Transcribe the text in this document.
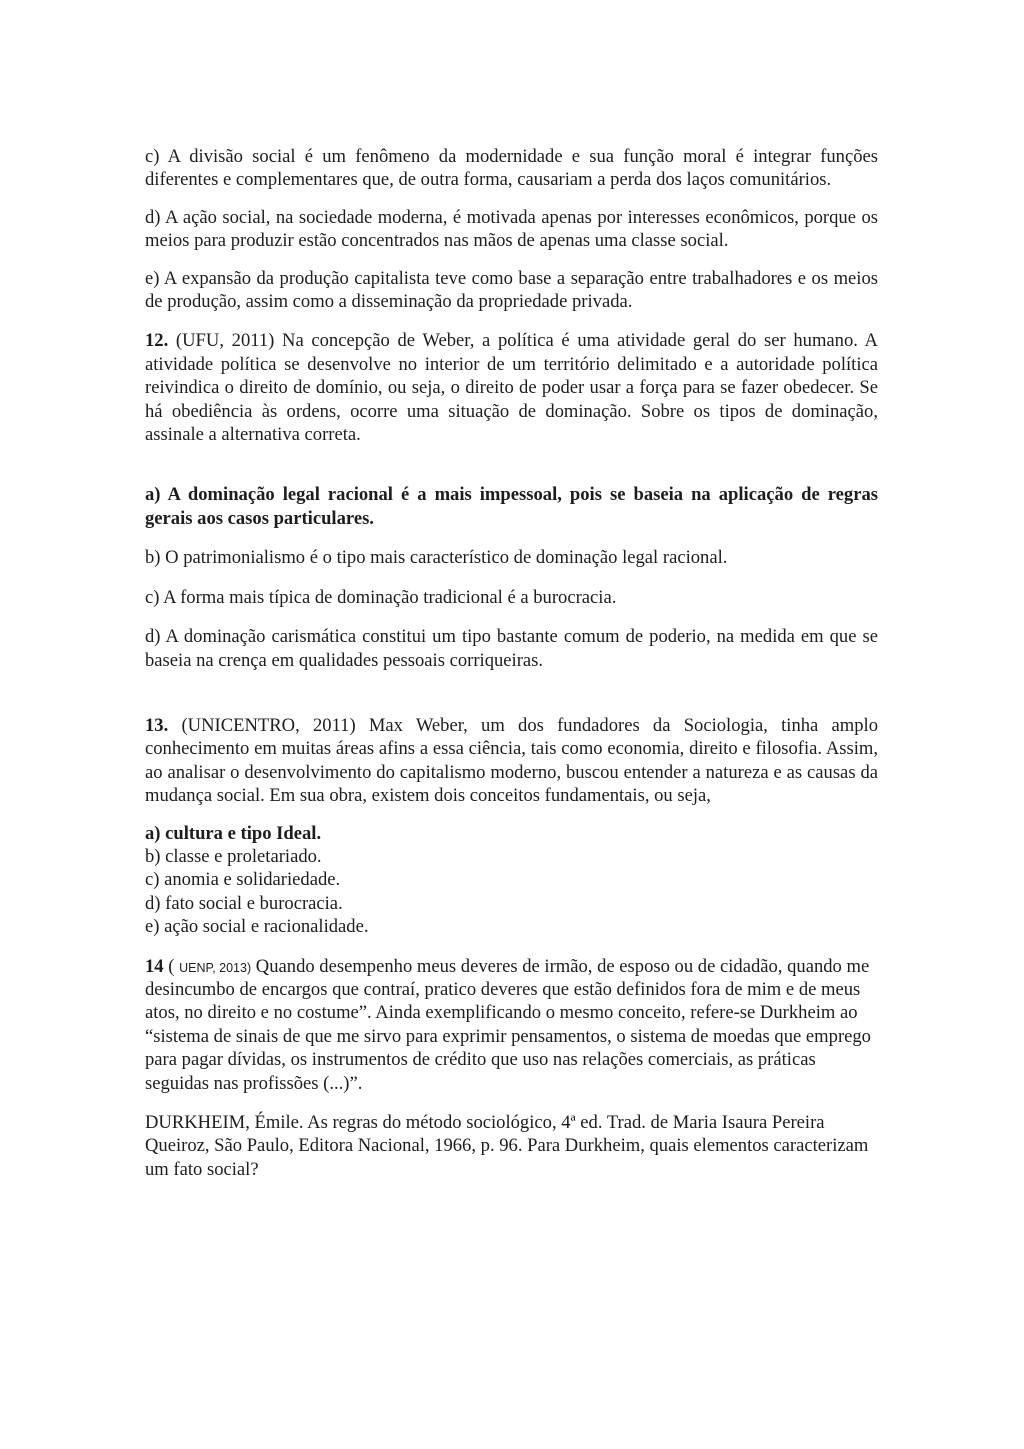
c) A divisão social é um fenômeno da modernidade e sua função moral é integrar funções diferentes e complementares que, de outra forma, causariam a perda dos laços comunitários.

d) A ação social, na sociedade moderna, é motivada apenas por interesses econômicos, porque os meios para produzir estão concentrados nas mãos de apenas uma classe social.

e) A expansão da produção capitalista teve como base a separação entre trabalhadores e os meios de produção, assim como a disseminação da propriedade privada.

12. (UFU, 2011) Na concepção de Weber, a política é uma atividade geral do ser humano. A atividade política se desenvolve no interior de um território delimitado e a autoridade política reivindica o direito de domínio, ou seja, o direito de poder usar a força para se fazer obedecer. Se há obediência às ordens, ocorre uma situação de dominação. Sobre os tipos de dominação, assinale a alternativa correta.

a) A dominação legal racional é a mais impessoal, pois se baseia na aplicação de regras gerais aos casos particulares.

b) O patrimonialismo é o tipo mais característico de dominação legal racional.

c) A forma mais típica de dominação tradicional é a burocracia.

d) A dominação carismática constitui um tipo bastante comum de poderio, na medida em que se baseia na crença em qualidades pessoais corriqueiras.

13. (UNICENTRO, 2011) Max Weber, um dos fundadores da Sociologia, tinha amplo conhecimento em muitas áreas afins a essa ciência, tais como economia, direito e filosofia. Assim, ao analisar o desenvolvimento do capitalismo moderno, buscou entender a natureza e as causas da mudança social. Em sua obra, existem dois conceitos fundamentais, ou seja,

a) cultura e tipo Ideal.
b) classe e proletariado.
c) anomia e solidariedade.
d) fato social e burocracia.
e) ação social e racionalidade.

14 ( UENP, 2013) Quando desempenho meus deveres de irmão, de esposo ou de cidadão, quando me desincumbo de encargos que contraí, pratico deveres que estão definidos fora de mim e de meus atos, no direito e no costume”. Ainda exemplificando o mesmo conceito, refere-se Durkheim ao “sistema de sinais de que me sirvo para exprimir pensamentos, o sistema de moedas que emprego para pagar dívidas, os instrumentos de crédito que uso nas relações comerciais, as práticas seguidas nas profissões (...)”.

DURKHEIM, Émile. As regras do método sociológico, 4ª ed. Trad. de Maria Isaura Pereira Queiroz, São Paulo, Editora Nacional, 1966, p. 96. Para Durkheim, quais elementos caracterizam um fato social?
